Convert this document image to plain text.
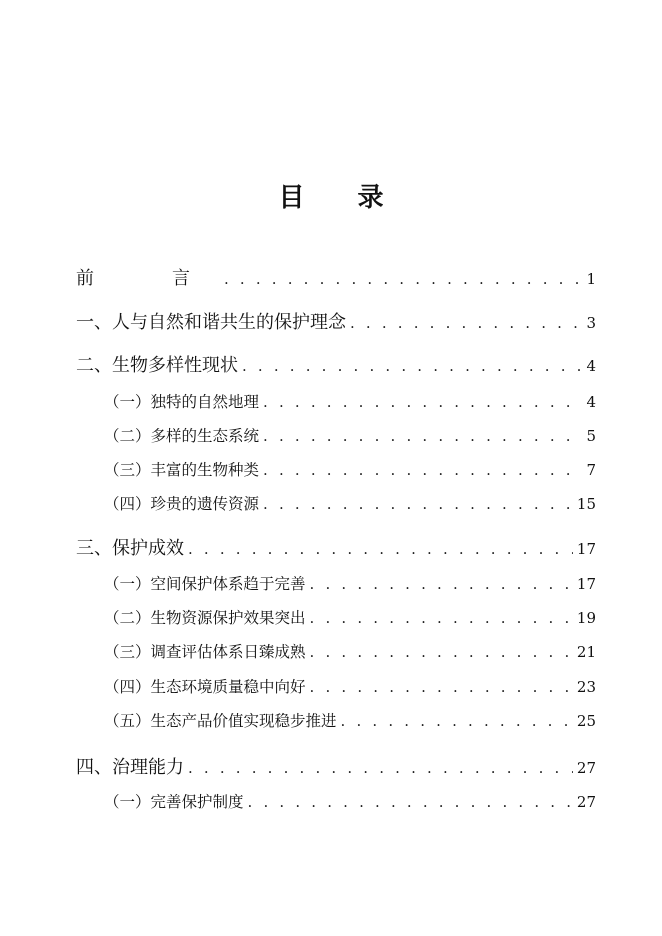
目 录
前　言 . . .	1
一、人与自然和谐共生的保护理念 . . .	3
二、生物多样性现状 . . .	4
（一）独特的自然地理 . . .	4
（二）多样的生态系统 . . .	5
（三）丰富的生物种类 . . .	7
（四）珍贵的遗传资源 . . .	15
三、保护成效 . . .	17
（一）空间保护体系趋于完善 . . .	17
（二）生物资源保护效果突出 . . .	19
（三）调查评估体系日臻成熟 . . .	21
（四）生态环境质量稳中向好 . . .	23
（五）生态产品价值实现稳步推进 . . .	25
四、治理能力 . . .	27
（一）完善保护制度 . . .	27
